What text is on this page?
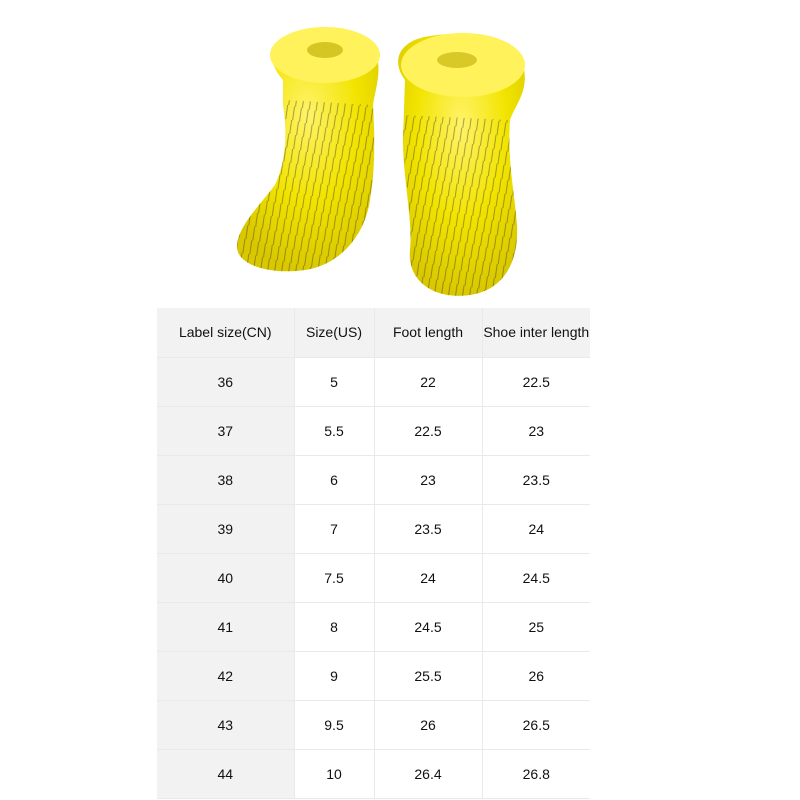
Label size(CN)	Size(US)	Foot length	Shoe inter length
36	5	22	22.5
37	5.5	22.5	23
38	6	23	23.5
39	7	23.5	24
40	7.5	24	24.5
41	8	24.5	25
42	9	25.5	26
43	9.5	26	26.5
44	10	26.4	26.8
